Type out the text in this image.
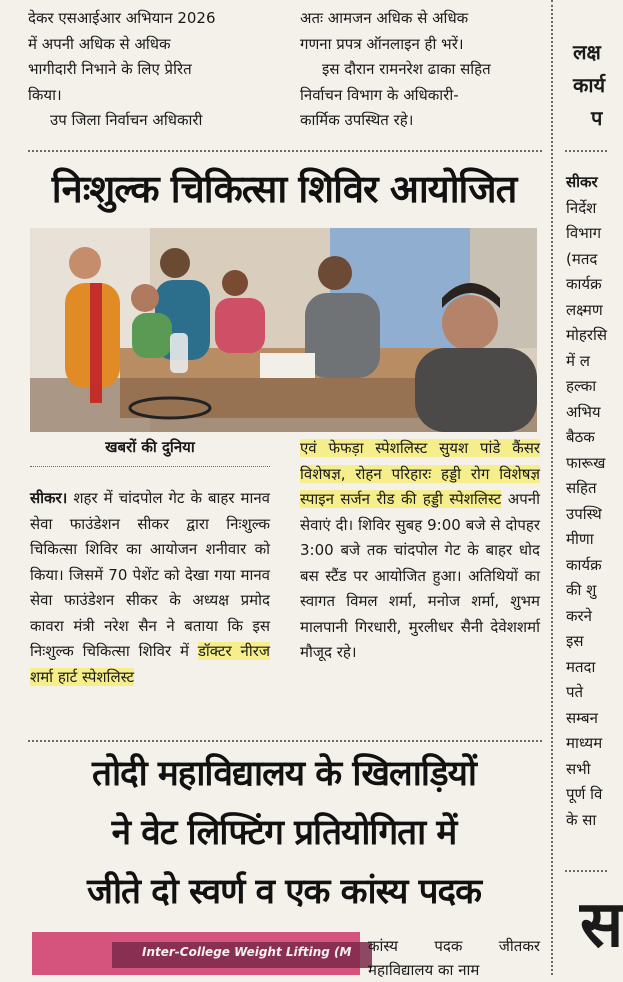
देकर एसआईआर अभियान 2026

में अपनी अधिक से अधिक

भागीदारी निभाने के लिए प्रेरित

किया।

उप जिला निर्वाचन अधिकारी

अतः आमजन अधिक से अधिक

गणना प्रपत्र ऑनलाइन ही भरें।

इस दौरान रामनरेश ढाका सहित

निर्वाचन विभाग के अधिकारी-

कार्मिक उपस्थित रहे।

निःशुल्क चिकित्सा शिविर आयोजित
खबरों की दुनिया

सीकर। शहर में चांदपोल गेट के बाहर मानव सेवा फाउंडेशन सीकर द्वारा निःशुल्क चिकित्सा शिविर का आयोजन शनीवार को किया। जिसमें 70 पेशेंट को देखा गया मानव सेवा फाउंडेशन सीकर के अध्यक्ष प्रमोद कावरा मंत्री नरेश सैन ने बताया कि इस निःशुल्क चिकित्सा शिविर में डॉक्टर नीरज शर्मा हार्ट स्पेशलिस्ट

एवं फेफड़ा स्पेशलिस्ट सुयश पांडे कैंसर विशेषज्ञ, रोहन परिहारः हड्डी रोग विशेषज्ञ स्पाइन सर्जन रीड की हड्डी स्पेशलिस्ट अपनी सेवाएं दी। शिविर सुबह 9:00 बजे से दोपहर 3:00 बजे तक चांदपोल गेट के बाहर धोद बस स्टैंड पर आयोजित हुआ। अतिथियों का स्वागत विमल शर्मा, मनोज शर्मा, शुभम मालपानी गिरधारी, मुरलीधर सैनी देवेशशर्मा मौजूद रहे।

तोदी महाविद्यालय के खिलाड़ियों
ने वेट लिफ्टिंग प्रतियोगिता में
जीते दो स्वर्ण व एक कांस्य पदक
Inter-College Weight Lifting (M कांस्य पदक जीतकर महाविद्यालय का नाम

लक्ष
कार्य
प
सीकर
निर्देश
विभाग
(मतद
कार्यक्र
लक्ष्मण
मोहरसि
में ल
हल्का
अभिय
बैठक
फारूख
सहित
उपस्थि
मीणा
कार्यक्र
की शु
करने
इस
मतदा
पते
सम्बन
माध्यम
सभी
पूर्ण वि
के सा
स
